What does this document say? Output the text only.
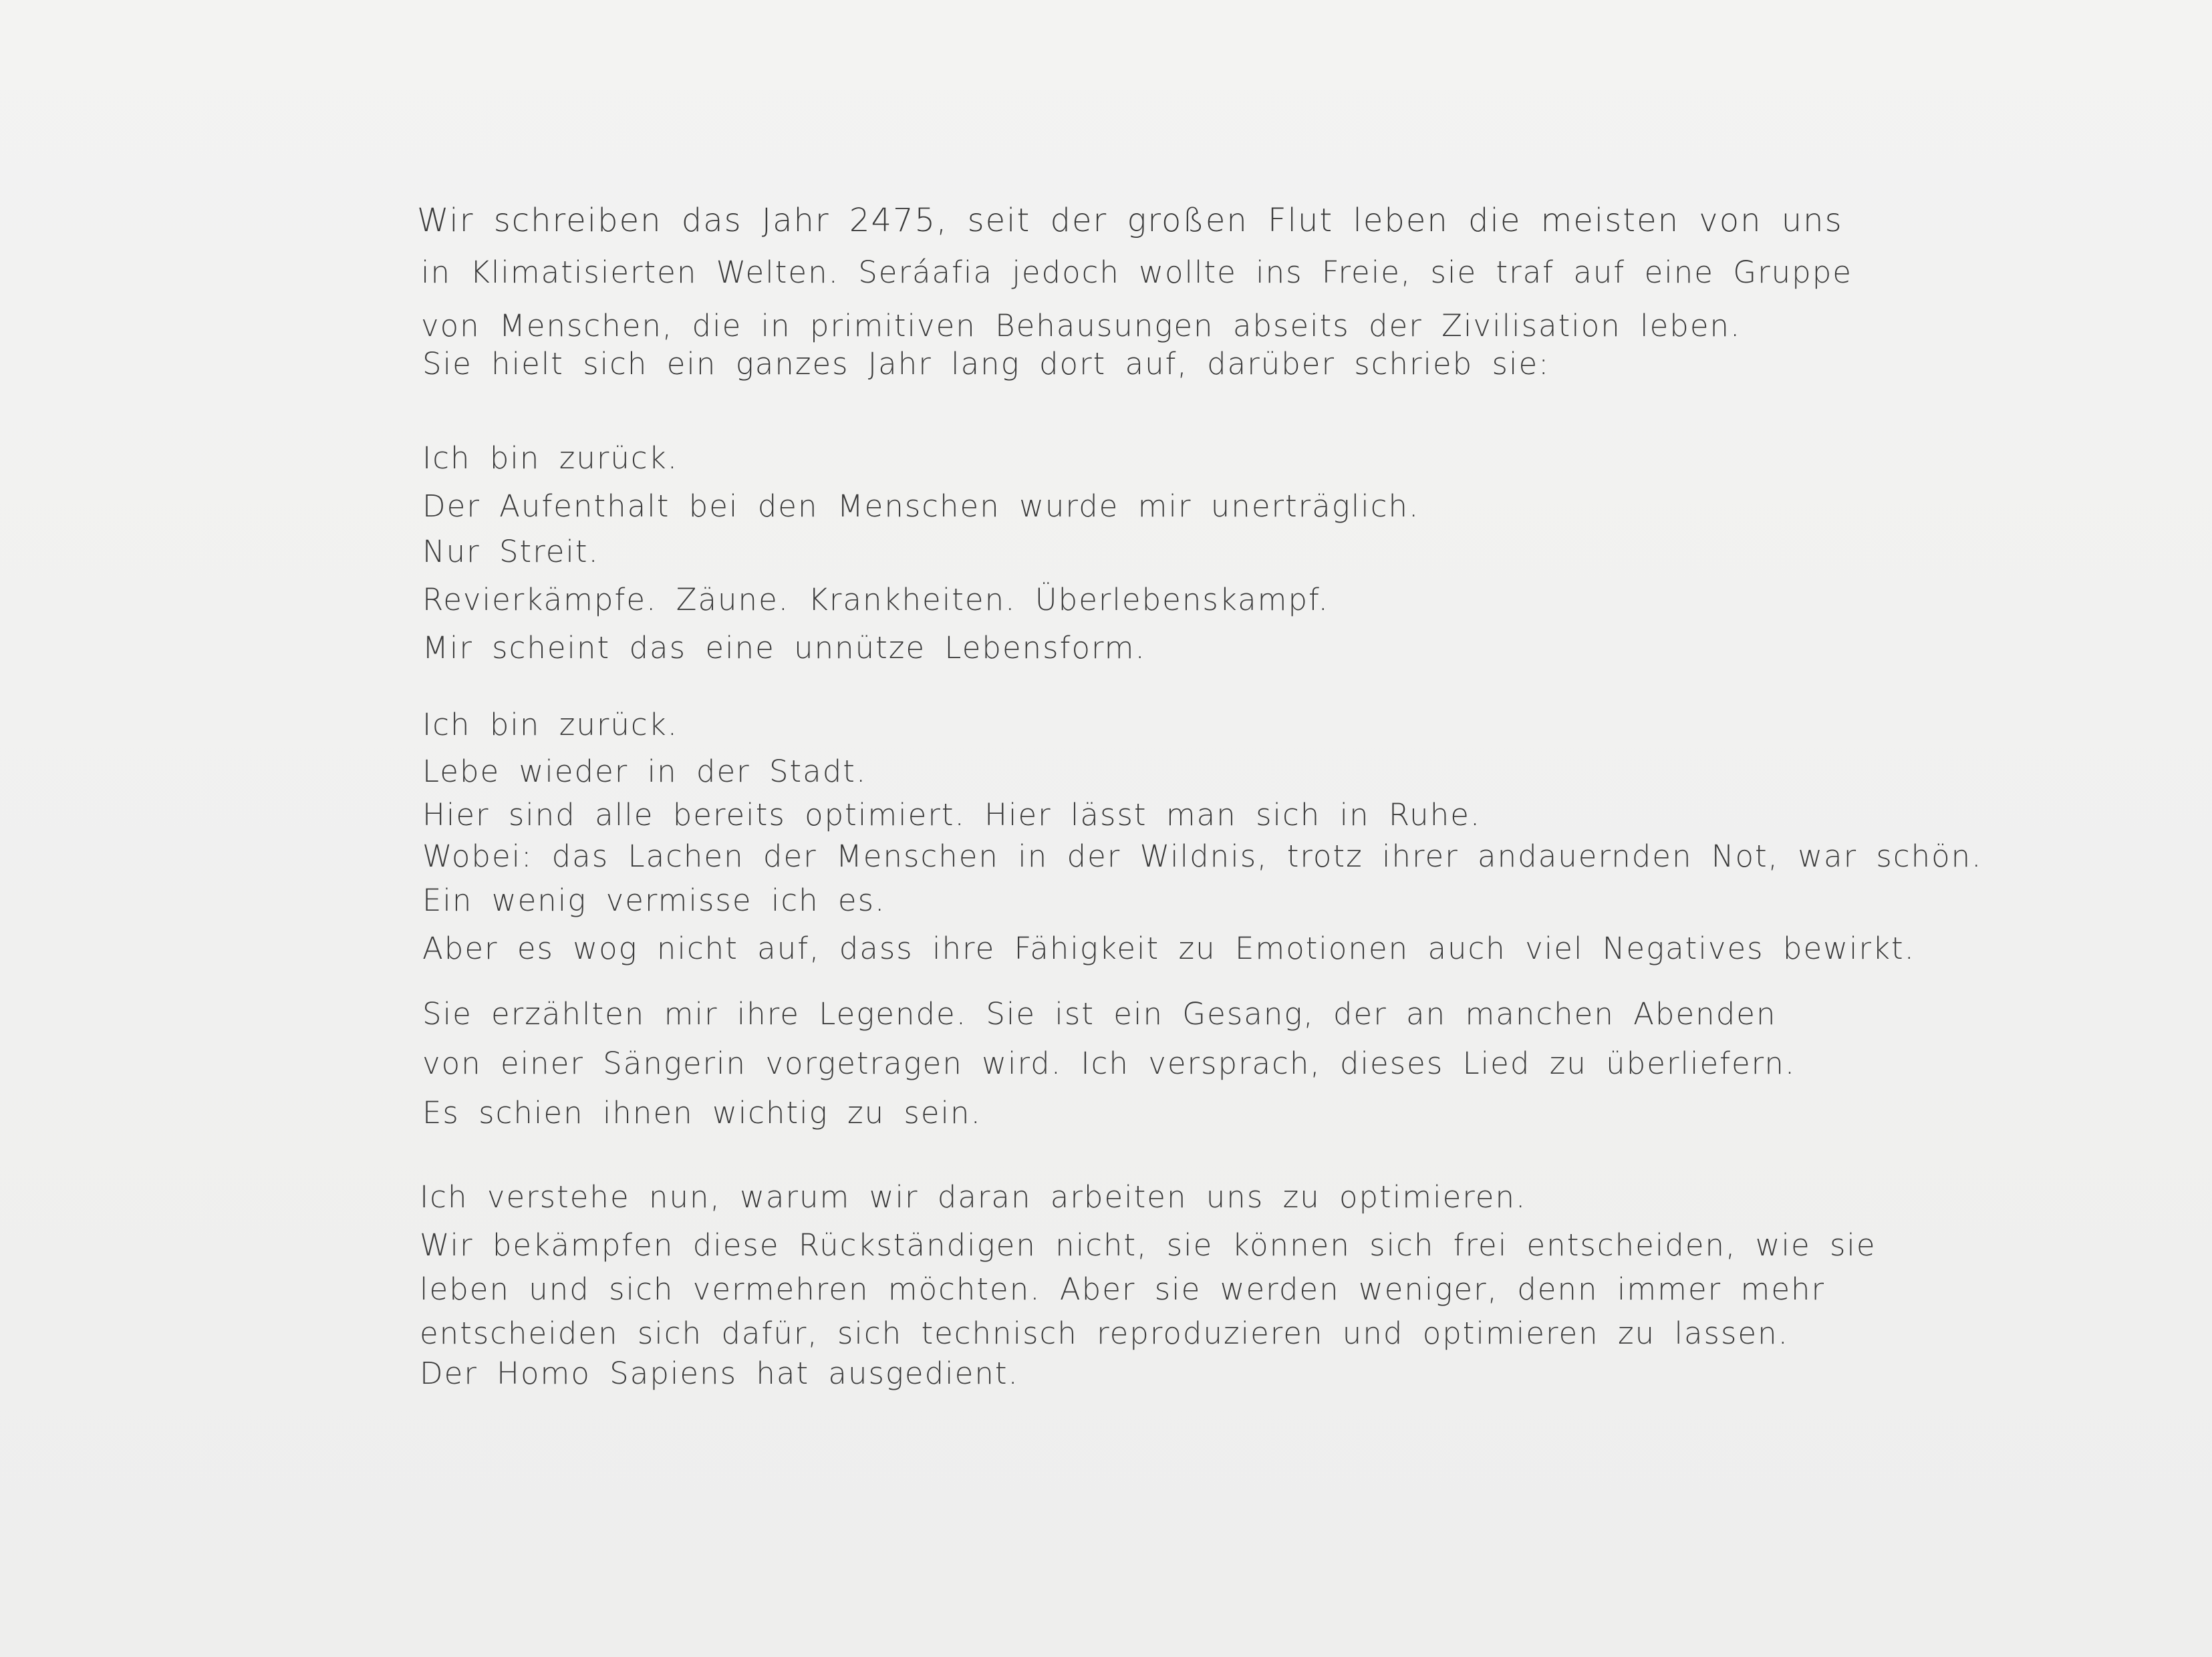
Wir schreiben das Jahr 2475, seit der großen Flut leben die meisten von uns
in Klimatisierten Welten. Seráafia jedoch wollte ins Freie, sie traf auf eine Gruppe
von Menschen, die in primitiven Behausungen abseits der Zivilisation leben.
Sie hielt sich ein ganzes Jahr lang dort auf, darüber schrieb sie:
Ich bin zurück.
Der Aufenthalt bei den Menschen wurde mir unerträglich.
Nur Streit.
Revierkämpfe. Zäune. Krankheiten. Überlebenskampf.
Mir scheint das eine unnütze Lebensform.
Ich bin zurück.
Lebe wieder in der Stadt.
Hier sind alle bereits optimiert. Hier lässt man sich in Ruhe.
Wobei: das Lachen der Menschen in der Wildnis, trotz ihrer andauernden Not, war schön.
Ein wenig vermisse ich es.
Aber es wog nicht auf, dass ihre Fähigkeit zu Emotionen auch viel Negatives bewirkt.
Sie erzählten mir ihre Legende. Sie ist ein Gesang, der an manchen Abenden
von einer Sängerin vorgetragen wird. Ich versprach, dieses Lied zu überliefern.
Es schien ihnen wichtig zu sein.
Ich verstehe nun, warum wir daran arbeiten uns zu optimieren.
Wir bekämpfen diese Rückständigen nicht, sie können sich frei entscheiden, wie sie
leben und sich vermehren möchten. Aber sie werden weniger, denn immer mehr
entscheiden sich dafür, sich technisch reproduzieren und optimieren zu lassen.
Der Homo Sapiens hat ausgedient.
